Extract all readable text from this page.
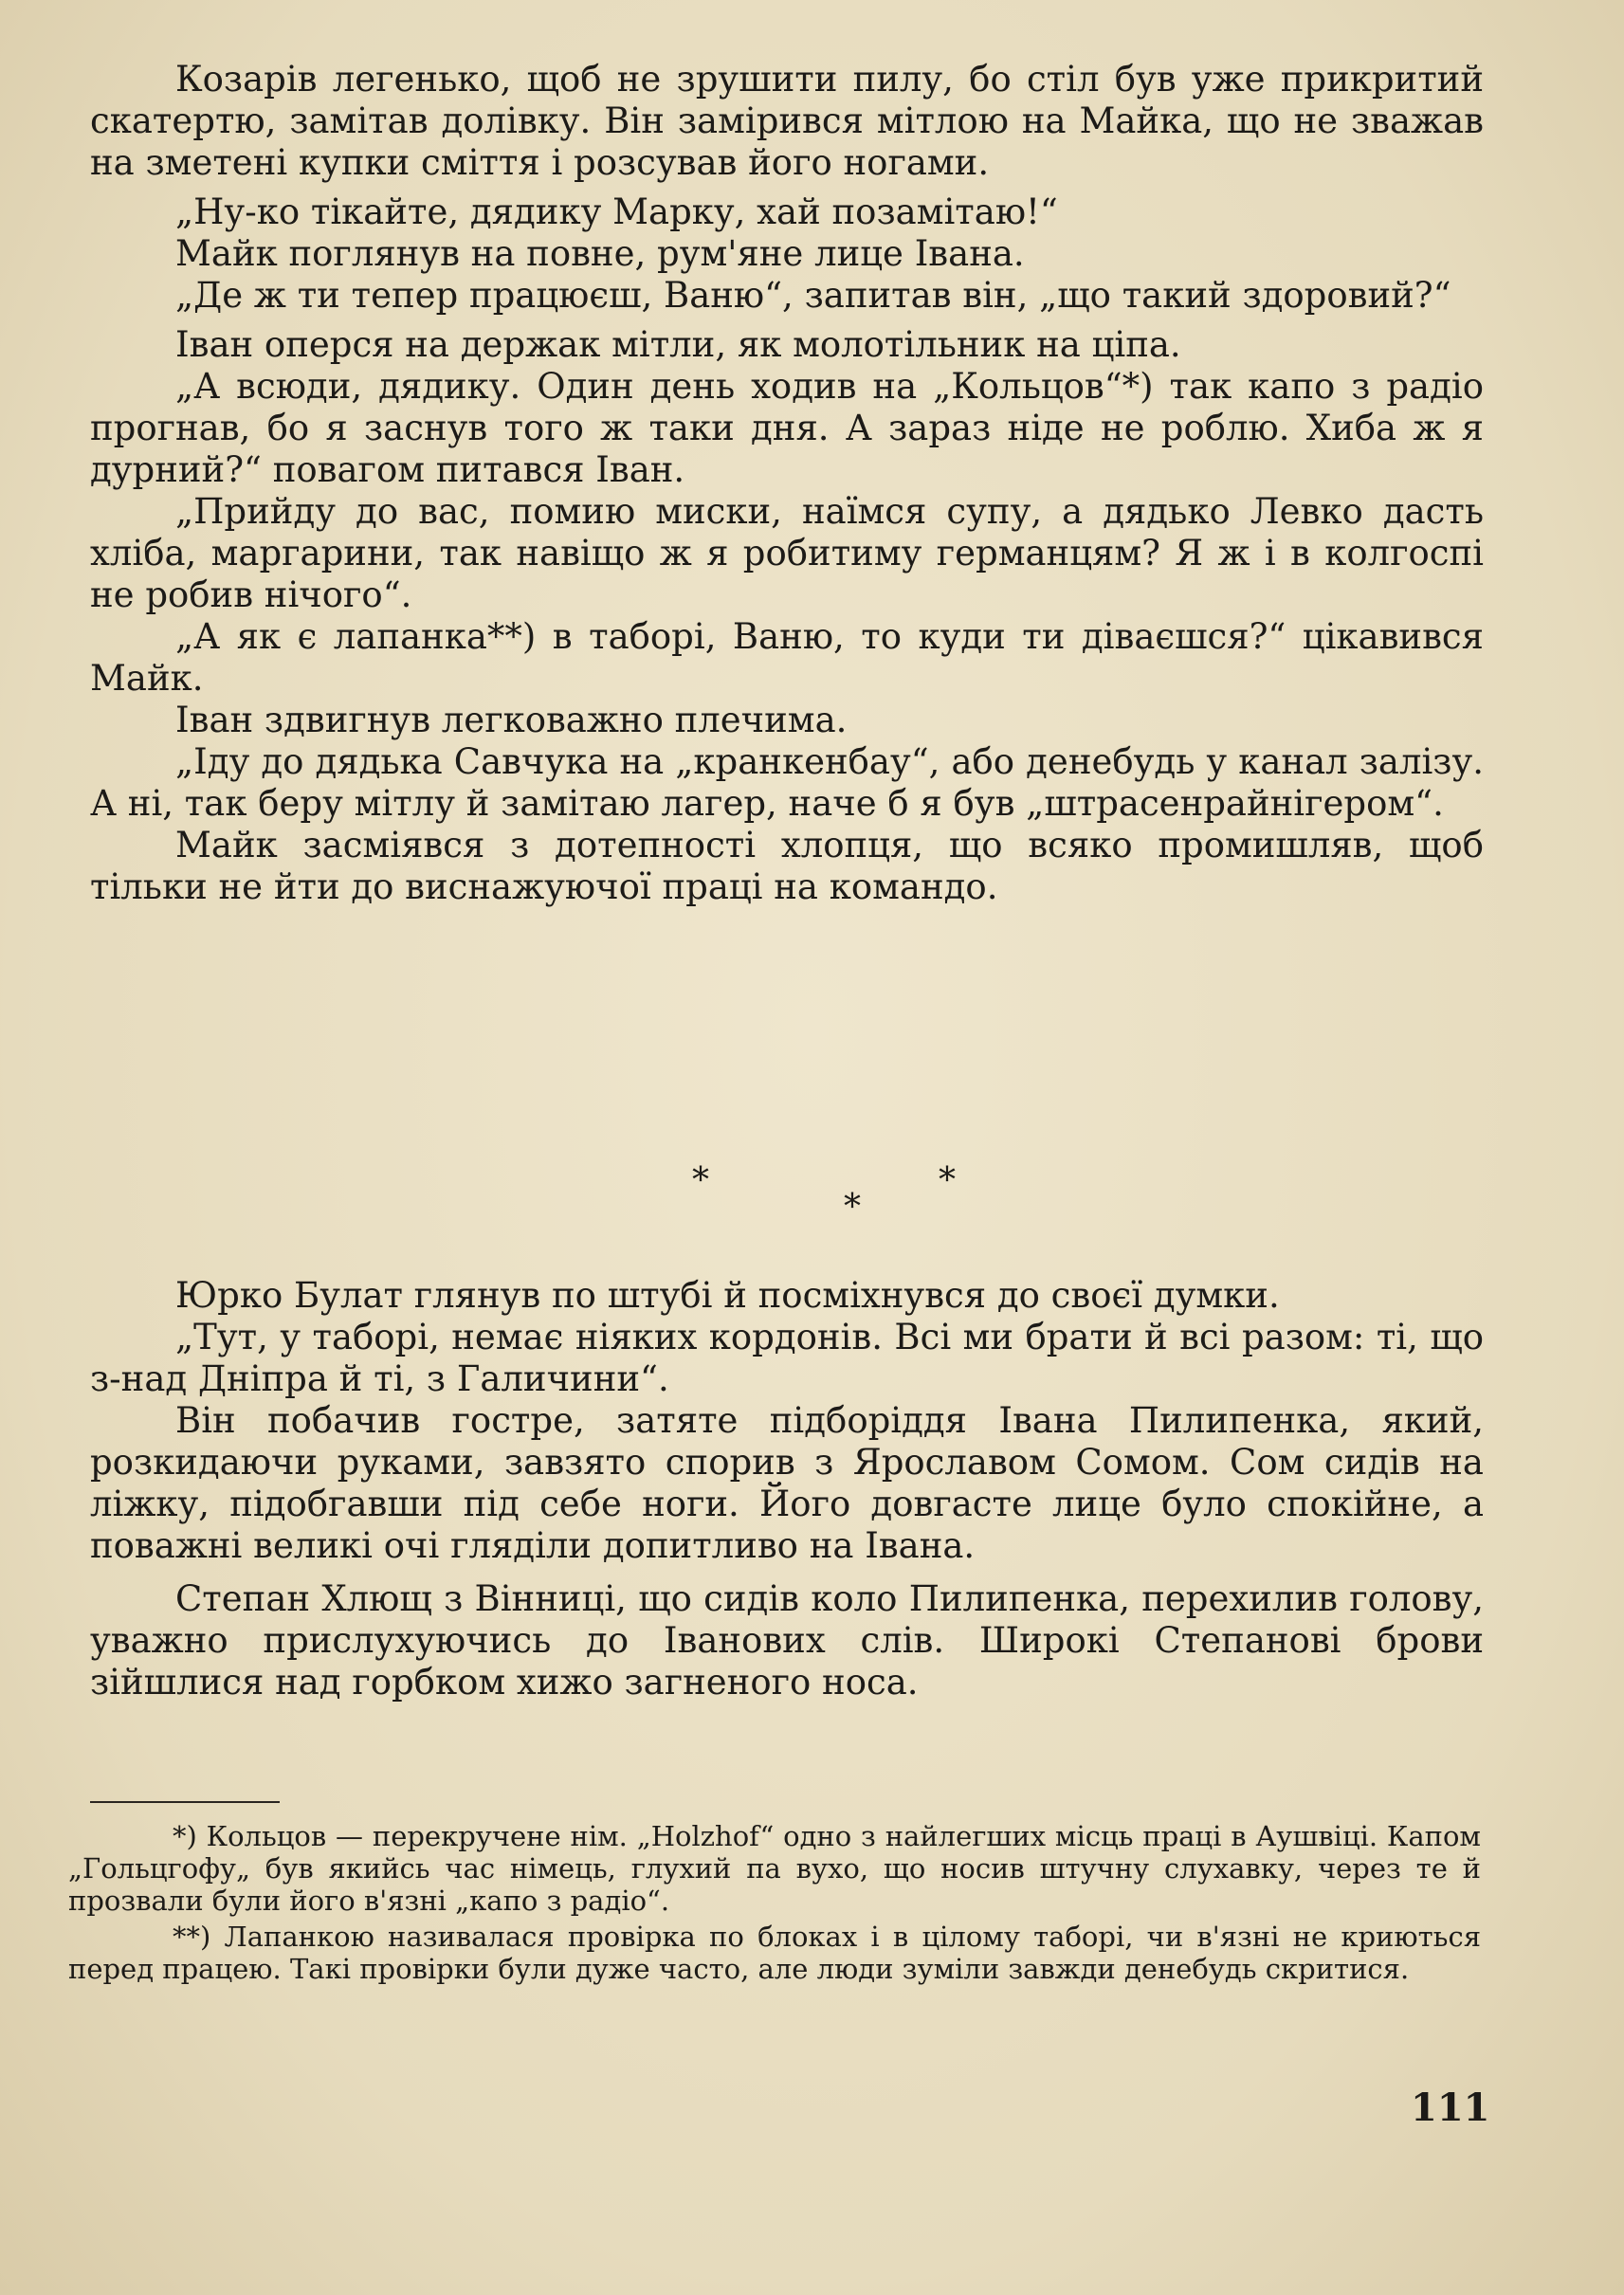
Козарів легенько, щоб не зрушити пилу, бо стіл був уже прикритий скатертю, замітав долівку. Він замірився мітлою на Майка, що не зважав на зметені купки сміття і розсував його ногами.

„Ну-ко тікайте, дядику Марку, хай позамітаю!“

Майк поглянув на повне, рум'яне лице Івана.

„Де ж ти тепер працюєш, Ваню“, запитав він, „що такий здоровий?“

Іван оперся на держак мітли, як молотільник на ціпа.

„А всюди, дядику. Один день ходив на „Кольцов“*) так капо з радіо прогнав, бо я заснув того ж таки дня. А зараз ніде не роблю. Хиба ж я дурний?“ повагом питався Іван.

„Прийду до вас, помию миски, наїмся супу, а дядько Левко дасть хліба, маргарини, так навіщо ж я робитиму германцям? Я ж і в колгоспі не робив нічого“.

„А як є лапанка**) в таборі, Ваню, то куди ти діваєшся?“ цікавився Майк.

Іван здвигнув легковажно плечима.

„Іду до дядька Савчука на „кранкенбау“, або денебудь у канал залізу. А ні, так беру мітлу й замітаю лагер, наче б я був „штрасенрайнігером“.

Майк засміявся з дотепності хлопця, що всяко промишляв, щоб тільки не йти до виснажуючої праці на командо.

*
*
*

Юрко Булат глянув по штубі й посміхнувся до своєї думки.

„Тут, у таборі, немає ніяких кордонів. Всі ми брати й всі разом: ті, що з-над Дніпра й ті, з Галичини“.

Він побачив гостре, затяте підборіддя Івана Пилипенка, який, розкидаючи руками, завзято спорив з Ярославом Сомом. Сом сидів на ліжку, підобгавши під себе ноги. Його довгасте лице було спокійне, а поважні великі очі гляділи допитливо на Івана.

Степан Хлющ з Вінниці, що сидів коло Пилипенка, перехилив голову, уважно прислухуючись до Іванових слів. Широкі Степанові брови зійшлися над горбком хижо загненого носа.

*) Кольцов — перекручене нім. „Holzhof“ одно з найлегших місць праці в Аушвіці. Капом „Гольцгофу„ був якийсь час німець, глухий па вухо, що носив штучну слухавку, через те й прозвали були його в'язні „капо з радіо“.

**) Лапанкою називалася провірка по блоках і в цілому таборі, чи в'язні не криються перед працею. Такі провірки були дуже часто, але люди зуміли завжди денебудь скритися.

111
